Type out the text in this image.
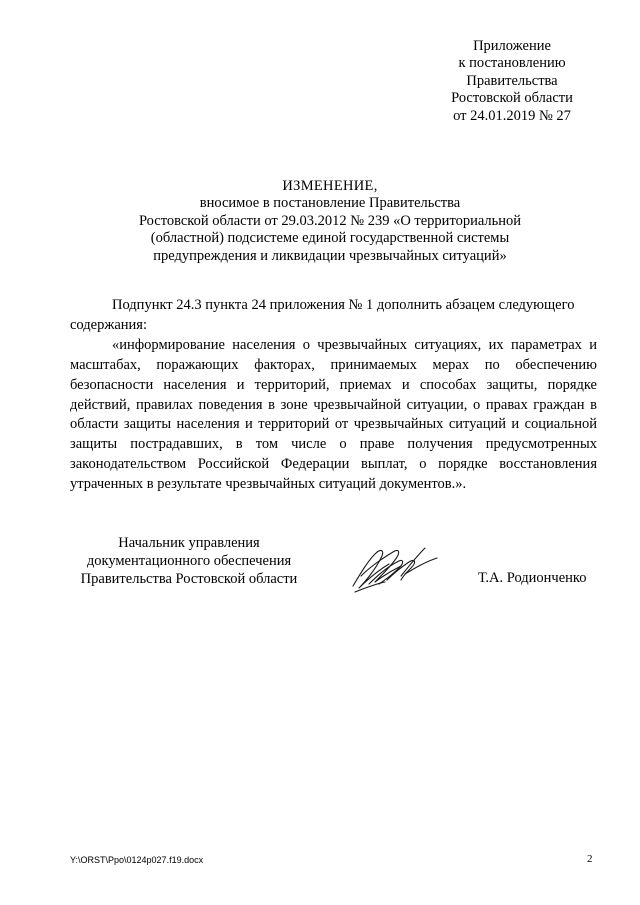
Приложение
к постановлению
Правительства
Ростовской области
от 24.01.2019 № 27
ИЗМЕНЕНИЕ,
вносимое в постановление Правительства
Ростовской области от 29.03.2012 № 239 «О территориальной
(областной) подсистеме единой государственной системы
предупреждения и ликвидации чрезвычайных ситуаций»

Подпункт 24.3 пункта 24 приложения № 1 дополнить абзацем следующего содержания:

«информирование населения о чрезвычайных ситуациях, их параметрах и масштабах, поражающих факторах, принимаемых мерах по обеспечению безопасности населения и территорий, приемах и способах защиты, порядке действий, правилах поведения в зоне чрезвычайной ситуации, о правах граждан в области защиты населения и территорий от чрезвычайных ситуаций и социальной защиты пострадавших, в том числе о праве получения предусмотренных законодательством Российской Федерации выплат, о порядке восстановления утраченных в результате чрезвычайных ситуаций документов.».

Начальник управления
документационного обеспечения
Правительства Ростовской области	Т.А. Родионченко
Y:\ORST\Ppo\0124p027.f19.docx	2
